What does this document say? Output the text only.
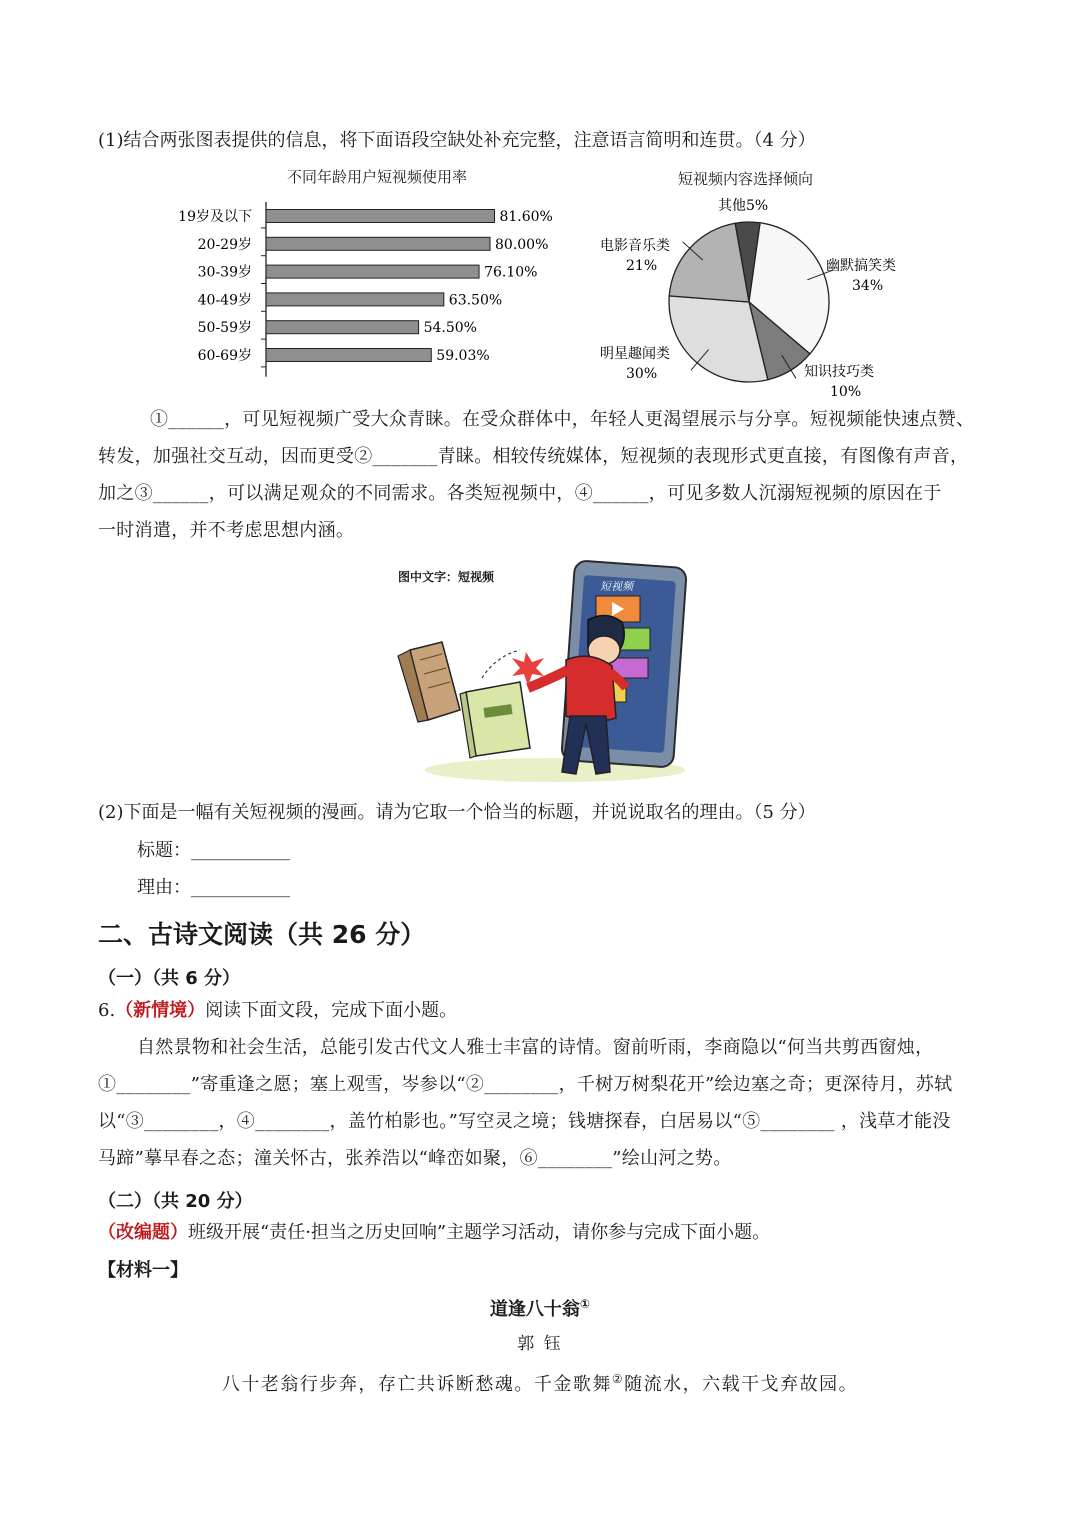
(1)结合两张图表提供的信息，将下面语段空缺处补充完整，注意语言简明和连贯。（4 分）
不同年龄用户短视频使用率
19岁及以下	81.60%
20-29岁	80.00%
30-39岁	76.10%
40-49岁	63.50%
50-59岁	54.50%
60-69岁	59.03%
短视频内容选择倾向
其他5%
幽默搞笑类
34%
知识技巧类
10%
明星趣闻类
30%
电影音乐类
21%
①______，可见短视频广受大众青睐。在受众群体中，年轻人更渴望展示与分享。短视频能快速点赞、
转发，加强社交互动，因而更受②_______青睐。相较传统媒体，短视频的表现形式更直接，有图像有声音，
加之③______，可以满足观众的不同需求。各类短视频中，④______，可见多数人沉溺短视频的原因在于
一时消遣，并不考虑思想内涵。
图中文字：短视频
短视频
(2)下面是一幅有关短视频的漫画。请为它取一个恰当的标题，并说说取名的理由。（5 分）
标题：___________
理由：___________
二、古诗文阅读（共 26 分）
（一）（共 6 分）
6.（新情境）阅读下面文段，完成下面小题。
自然景物和社会生活，总能引发古代文人雅士丰富的诗情。窗前听雨，李商隐以“何当共剪西窗烛，
①________”寄重逢之愿；塞上观雪，岑参以“②________，千树万树梨花开”绘边塞之奇；更深待月，苏轼
以“③________，④________，盖竹柏影也。”写空灵之境；钱塘探春，白居易以“⑤________ ，浅草才能没
马蹄”摹早春之态；潼关怀古，张养浩以“峰峦如聚，⑥________”绘山河之势。
（二）（共 20 分）
（改编题）班级开展“责任·担当之历史回响”主题学习活动，请你参与完成下面小题。
【材料一】
道逢八十翁①
郭 钰
八十老翁行步奔，存亡共诉断愁魂。千金歌舞②随流水，六载干戈弃故园。
